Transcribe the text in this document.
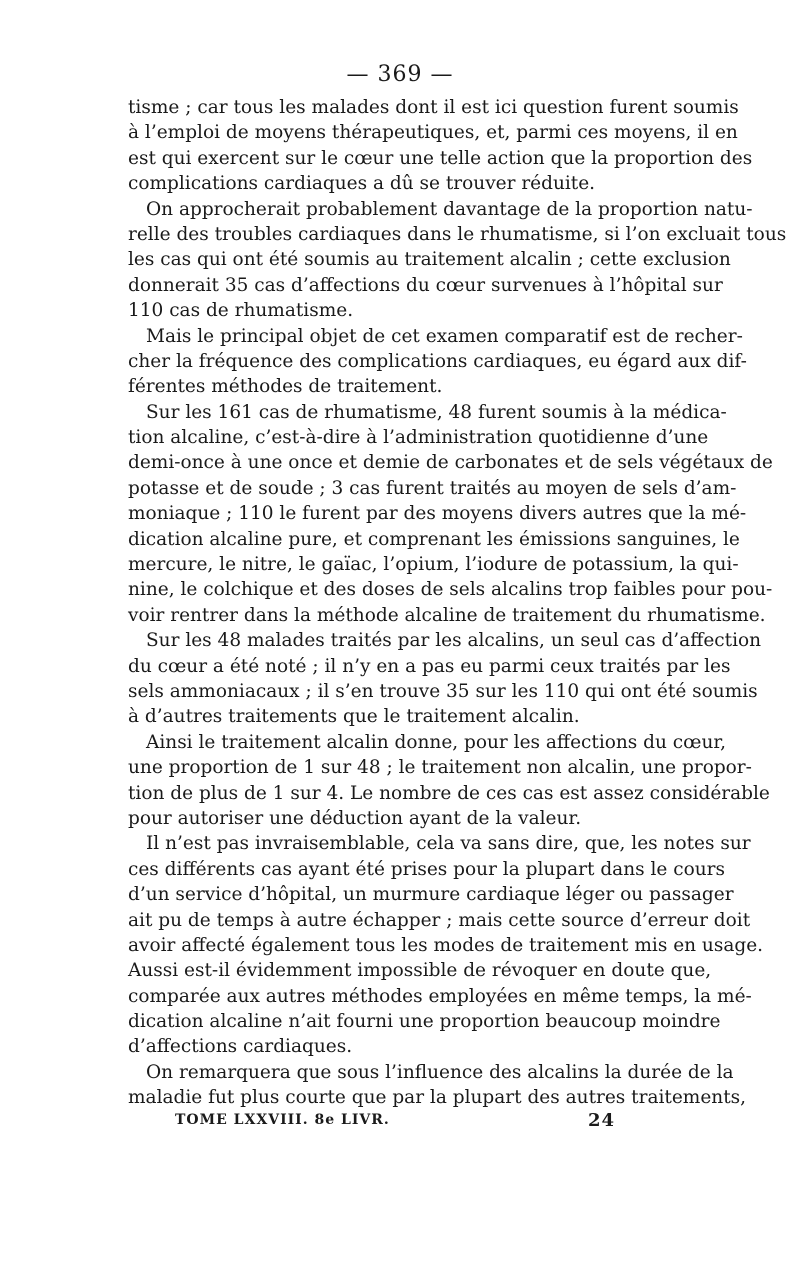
— 369 —
tisme ; car tous les malades dont il est ici question furent soumis
à l’emploi de moyens thérapeutiques, et, parmi ces moyens, il en
est qui exercent sur le cœur une telle action que la proportion des
complications cardiaques a dû se trouver réduite.
On approcherait probablement davantage de la proportion natu-
relle des troubles cardiaques dans le rhumatisme, si l’on excluait tous
les cas qui ont été soumis au traitement alcalin ; cette exclusion
donnerait 35 cas d’affections du cœur survenues à l’hôpital sur
110 cas de rhumatisme.
Mais le principal objet de cet examen comparatif est de recher-
cher la fréquence des complications cardiaques, eu égard aux dif-
férentes méthodes de traitement.
Sur les 161 cas de rhumatisme, 48 furent soumis à la médica-
tion alcaline, c’est-à-dire à l’administration quotidienne d’une
demi-once à une once et demie de carbonates et de sels végétaux de
potasse et de soude ; 3 cas furent traités au moyen de sels d’am-
moniaque ; 110 le furent par des moyens divers autres que la mé-
dication alcaline pure, et comprenant les émissions sanguines, le
mercure, le nitre, le gaïac, l’opium, l’iodure de potassium, la qui-
nine, le colchique et des doses de sels alcalins trop faibles pour pou-
voir rentrer dans la méthode alcaline de traitement du rhumatisme.
Sur les 48 malades traités par les alcalins, un seul cas d’affection
du cœur a été noté ; il n’y en a pas eu parmi ceux traités par les
sels ammoniacaux ; il s’en trouve 35 sur les 110 qui ont été soumis
à d’autres traitements que le traitement alcalin.
Ainsi le traitement alcalin donne, pour les affections du cœur,
une proportion de 1 sur 48 ; le traitement non alcalin, une propor-
tion de plus de 1 sur 4. Le nombre de ces cas est assez considérable
pour autoriser une déduction ayant de la valeur.
Il n’est pas invraisemblable, cela va sans dire, que, les notes sur
ces différents cas ayant été prises pour la plupart dans le cours
d’un service d’hôpital, un murmure cardiaque léger ou passager
ait pu de temps à autre échapper ; mais cette source d’erreur doit
avoir affecté également tous les modes de traitement mis en usage.
Aussi est-il évidemment impossible de révoquer en doute que,
comparée aux autres méthodes employées en même temps, la mé-
dication alcaline n’ait fourni une proportion beaucoup moindre
d’affections cardiaques.
On remarquera que sous l’influence des alcalins la durée de la
maladie fut plus courte que par la plupart des autres traitements,
TOME LXXVIII. 8e LIVR.	24
